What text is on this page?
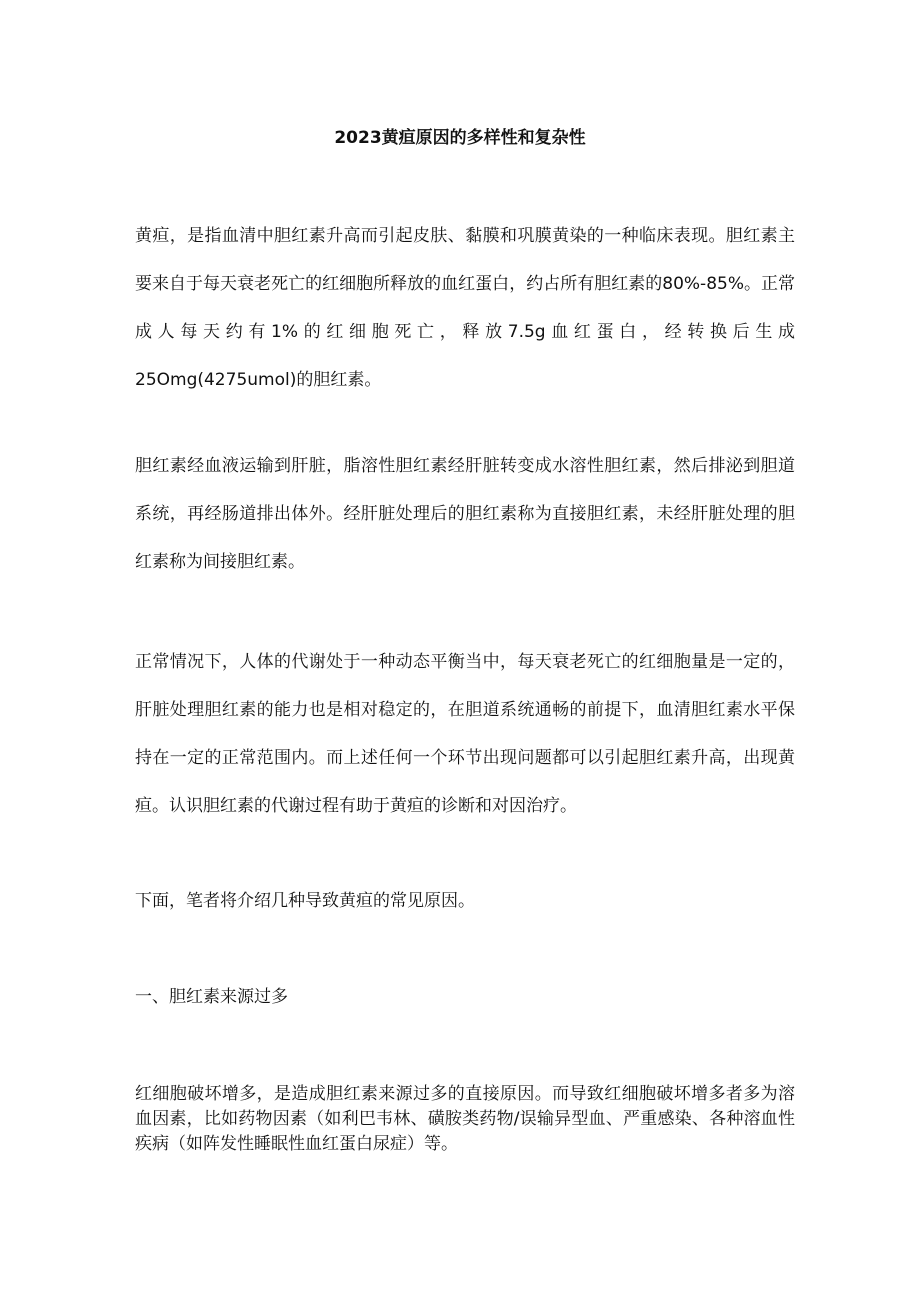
2023黄疸原因的多样性和复杂性

黄疸，是指血清中胆红素升高而引起皮肤、黏膜和巩膜黄染的一种临床表现。胆红素主要来自于每天衰老死亡的红细胞所释放的血红蛋白，约占所有胆红素的80%-85%。正常成人每天约有1%的红细胞死亡，释放7.5g血红蛋白，经转换后生成25Omg(4275umol)的胆红素。

胆红素经血液运输到肝脏，脂溶性胆红素经肝脏转变成水溶性胆红素，然后排泌到胆道系统，再经肠道排出体外。经肝脏处理后的胆红素称为直接胆红素，未经肝脏处理的胆红素称为间接胆红素。

正常情况下，人体的代谢处于一种动态平衡当中，每天衰老死亡的红细胞量是一定的，肝脏处理胆红素的能力也是相对稳定的，在胆道系统通畅的前提下，血清胆红素水平保持在一定的正常范围内。而上述任何一个环节出现问题都可以引起胆红素升高，出现黄疸。认识胆红素的代谢过程有助于黄疸的诊断和对因治疗。

下面，笔者将介绍几种导致黄疸的常见原因。

一、胆红素来源过多

红细胞破坏增多，是造成胆红素来源过多的直接原因。而导致红细胞破坏增多者多为溶血因素，比如药物因素（如利巴韦林、磺胺类药物/误输异型血、严重感染、各种溶血性疾病（如阵发性睡眠性血红蛋白尿症）等。
